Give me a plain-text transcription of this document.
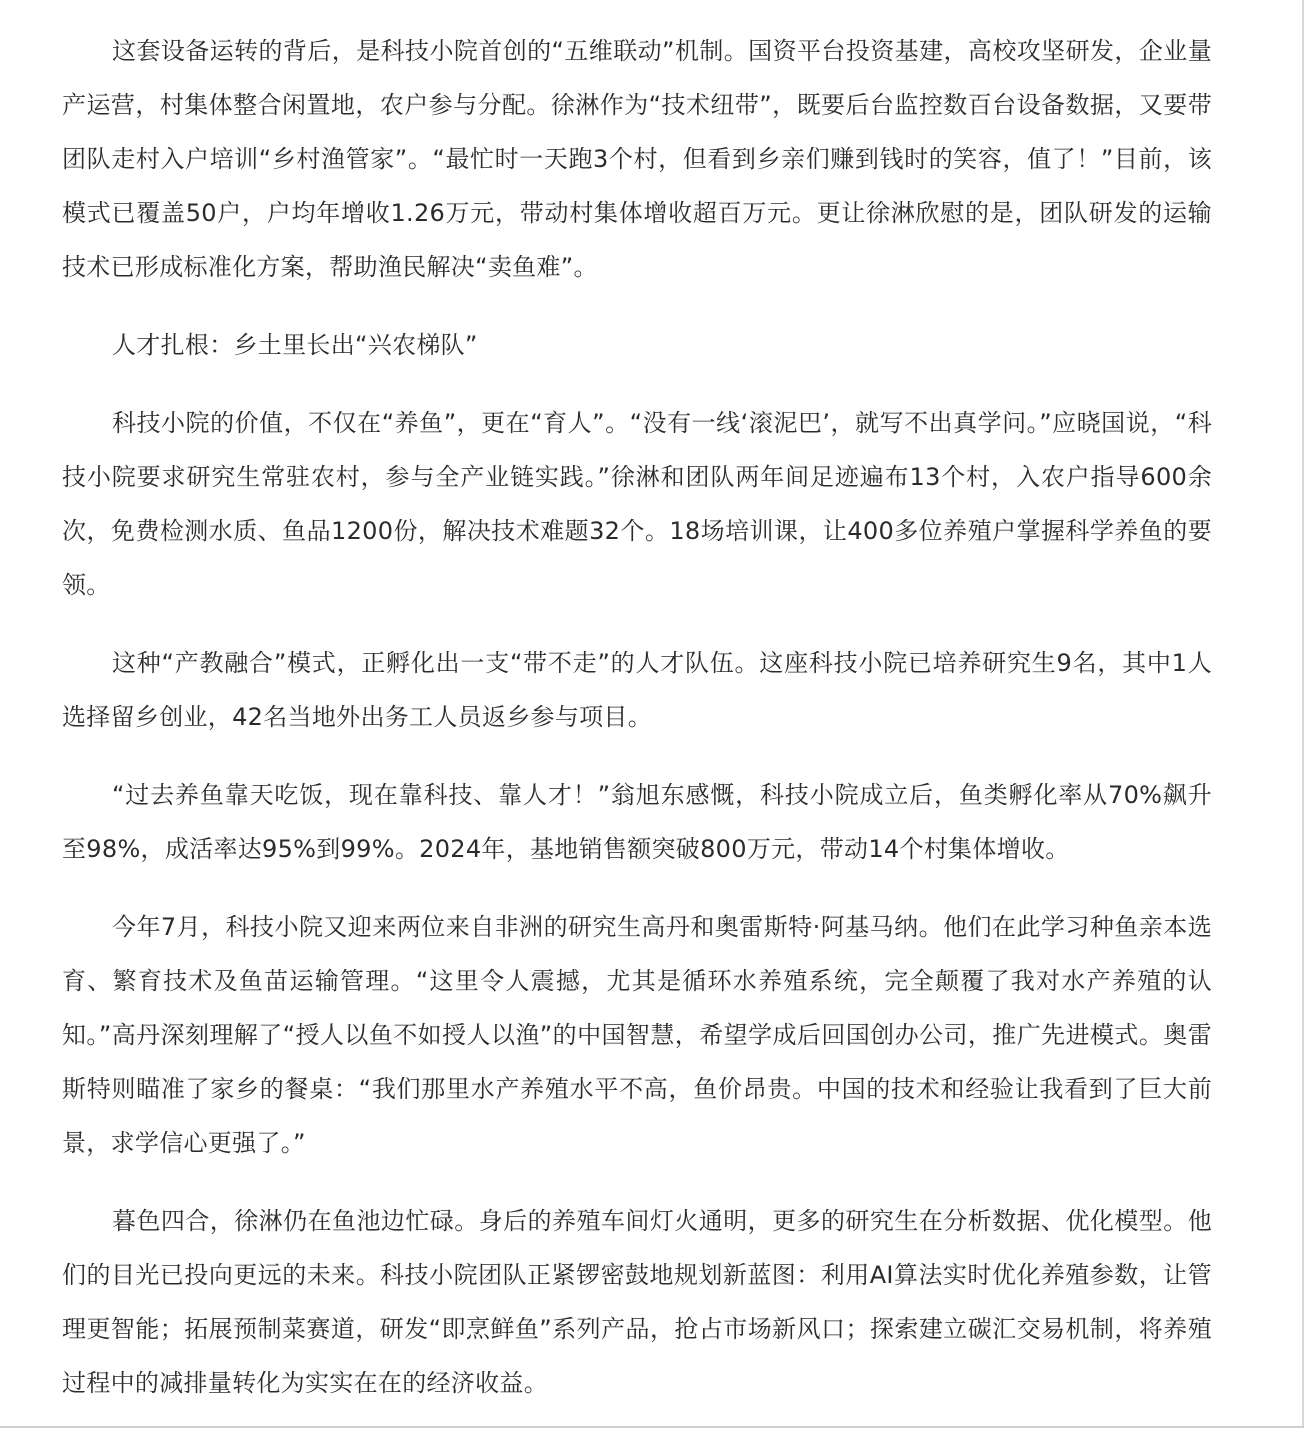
这套设备运转的背后，是科技小院首创的“五维联动”机制。国资平台投资基建，高校攻坚研发，企业量产运营，村集体整合闲置地，农户参与分配。徐淋作为“技术纽带”，既要后台监控数百台设备数据，又要带团队走村入户培训“乡村渔管家”。“最忙时一天跑3个村，但看到乡亲们赚到钱时的笑容，值了！”目前，该模式已覆盖50户，户均年增收1.26万元，带动村集体增收超百万元。更让徐淋欣慰的是，团队研发的运输技术已形成标准化方案，帮助渔民解决“卖鱼难”。

人才扎根：乡土里长出“兴农梯队”

科技小院的价值，不仅在“养鱼”，更在“育人”。“没有一线‘滚泥巴’，就写不出真学问。”应晓国说，“科技小院要求研究生常驻农村，参与全产业链实践。”徐淋和团队两年间足迹遍布13个村，入农户指导600余次，免费检测水质、鱼品1200份，解决技术难题32个。18场培训课，让400多位养殖户掌握科学养鱼的要领。

这种“产教融合”模式，正孵化出一支“带不走”的人才队伍。这座科技小院已培养研究生9名，其中1人选择留乡创业，42名当地外出务工人员返乡参与项目。

“过去养鱼靠天吃饭，现在靠科技、靠人才！”翁旭东感慨，科技小院成立后，鱼类孵化率从70%飙升至98%，成活率达95%到99%。2024年，基地销售额突破800万元，带动14个村集体增收。

今年7月，科技小院又迎来两位来自非洲的研究生高丹和奥雷斯特·阿基马纳。他们在此学习种鱼亲本选育、繁育技术及鱼苗运输管理。“这里令人震撼，尤其是循环水养殖系统，完全颠覆了我对水产养殖的认知。”高丹深刻理解了“授人以鱼不如授人以渔”的中国智慧，希望学成后回国创办公司，推广先进模式。奥雷斯特则瞄准了家乡的餐桌：“我们那里水产养殖水平不高，鱼价昂贵。中国的技术和经验让我看到了巨大前景，求学信心更强了。”

暮色四合，徐淋仍在鱼池边忙碌。身后的养殖车间灯火通明，更多的研究生在分析数据、优化模型。他们的目光已投向更远的未来。科技小院团队正紧锣密鼓地规划新蓝图：利用AI算法实时优化养殖参数，让管理更智能；拓展预制菜赛道，研发“即烹鲜鱼”系列产品，抢占市场新风口；探索建立碳汇交易机制，将养殖过程中的减排量转化为实实在在的经济收益。
